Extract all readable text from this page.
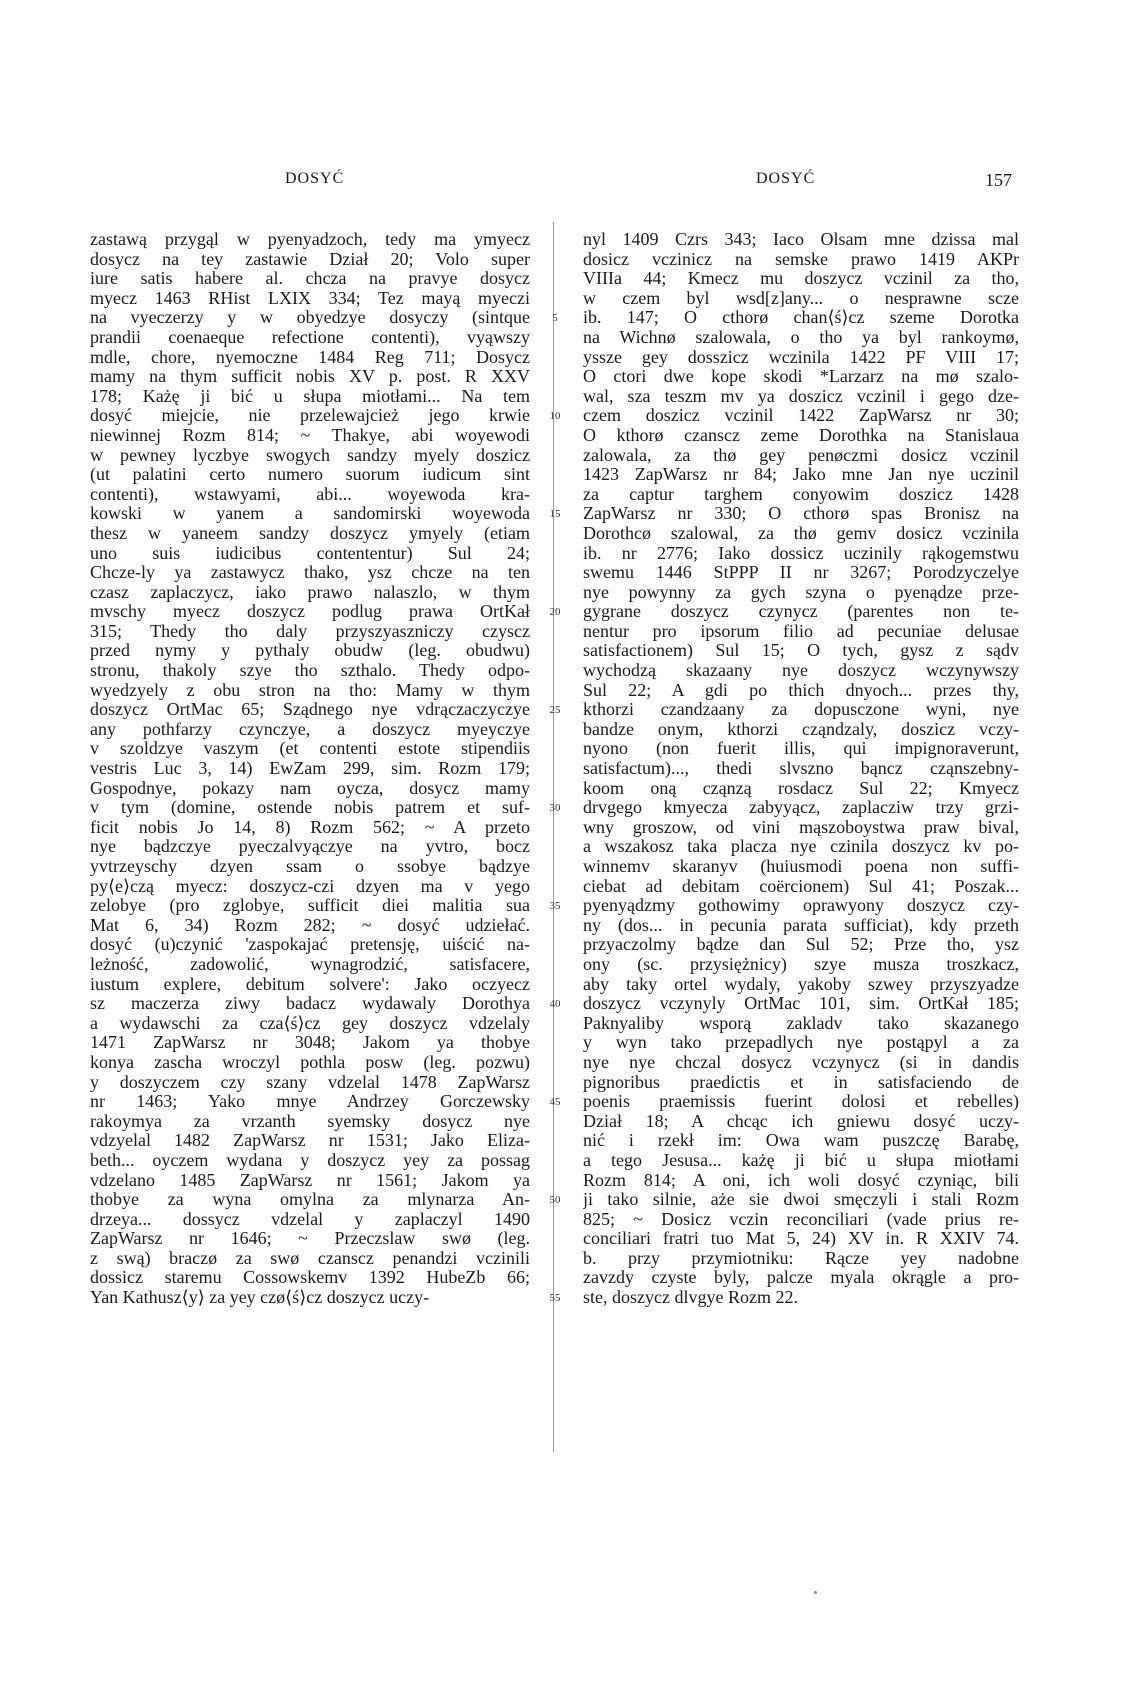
DOSYĆ	DOSYĆ	157
zastawą przygąl w pyenyadzoch, tedy ma ymyecz
dosycz na tey zastawie Dział 20; Volo super
iure satis habere al. chcza na pravye dosycz
myecz 1463 RHist LXIX 334; Tez mayą myeczi
na vyeczerzy y w obyedzye dosyczy (sintque
prandii coenaeque refectione contenti), vyąwszy
mdle, chore, nyemoczne 1484 Reg 711; Dosycz
mamy na thym sufficit nobis XV p. post. R XXV
178; Każę ji bić u słupa miotłami... Na tem
dosyć miejcie, nie przelewajcież jego krwie
niewinnej Rozm 814; ~ Thakye, abi woyewodi
w pewney lyczbye swogych sandzy myely doszicz
(ut palatini certo numero suorum iudicum sint
contenti), wstawyami, abi... woyewoda kra-
kowski w yanem a sandomirski woyewoda
thesz w yaneem sandzy doszycz ymyely (etiam
uno suis iudicibus contententur) Sul 24;
Chcze-ly ya zastawycz thako, ysz chcze na ten
czasz zaplaczycz, iako prawo nalaszlo, w thym
mvschy myecz doszycz podlug prawa OrtKał
315; Thedy tho daly przyszyaszniczy czyscz
przed nymy y pythaly obudw (leg. obudwu)
stronu, thakoly szye tho szthalo. Thedy odpo-
wyedzyely z obu stron na tho: Mamy w thym
doszycz OrtMac 65; Sządnego nye vdrączaczyczye
any pothfarzy czynczye, a doszycz myeyczye
v szoldzye vaszym (et contenti estote stipendiis
vestris Luc 3, 14) EwZam 299, sim. Rozm 179;
Gospodnye, pokazy nam oycza, dosycz mamy
v tym (domine, ostende nobis patrem et suf-
ficit nobis Jo 14, 8) Rozm 562; ~ A przeto
nye bądzczye pyeczalvyączye na yvtro, bocz
yvtrzeyschy dzyen ssam o ssobye bądzye
py⟨e⟩czą myecz: doszycz-czi dzyen ma v yego
zelobye (pro zglobye, sufficit diei malitia sua
Mat 6, 34) Rozm 282; ~ dosyć udziełać.
dosyć (u)czynić 'zaspokajać pretensję, uiścić na-
leżność, zadowolić, wynagrodzić, satisfacere,
iustum explere, debitum solvere': Jako oczyecz
sz maczerza ziwy badacz wydawaly Dorothya
a wydawschi za cza⟨ś⟩cz gey doszycz vdzelaly
1471 ZapWarsz nr 3048; Jakom ya thobye
konya zascha wroczyl pothla posw (leg. pozwu)
y doszyczem czy szany vdzelal 1478 ZapWarsz
nr 1463; Yako mnye Andrzey Gorczewsky
rakoymya za vrzanth syemsky dosycz nye
vdzyelal 1482 ZapWarsz nr 1531; Jako Eliza-
beth... oyczem wydana y doszycz yey za possag
vdzelano 1485 ZapWarsz nr 1561; Jakom ya
thobye za wyna omylna za mlynarza An-
drzeya... dossycz vdzelal y zaplaczyl 1490
ZapWarsz nr 1646; ~ Przeczslaw swø (leg.
z swą) braczø za swø czanscz penandzi vczinili
dossicz staremu Cossowskemv 1392 HubeZb 66;
Yan Kathusz⟨y⟩ za yey czø⟨ś⟩cz doszycz uczy-
5
10
15
20
25
30
35
40
45
50
55
nyl 1409 Czrs 343; Iaco Olsam mne dzissa mal
dosicz vczinicz na semske prawo 1419 AKPr
VIIIa 44; Kmecz mu doszycz vczinil za tho,
w czem byl wsd[z]any... o nesprawne scze
ib. 147; O cthorø chan⟨ś⟩cz szeme Dorotka
na Wichnø szalowala, o tho ya byl rankoymø,
yssze gey dosszicz wczinila 1422 PF VIII 17;
O ctori dwe kope skodi *Larzarz na mø szalo-
wal, sza teszm mv ya doszicz vczinil i gego dze-
czem doszicz vczinil 1422 ZapWarsz nr 30;
O kthorø czanscz zeme Dorothka na Stanislaua
zalowala, za thø gey penøczmi dosicz vczinil
1423 ZapWarsz nr 84; Jako mne Jan nye uczinil
za captur targhem conyowim doszicz 1428
ZapWarsz nr 330; O cthorø spas Bronisz na
Dorothcø szalowal, za thø gemv dosicz vczinila
ib. nr 2776; Iako dossicz uczinily rąkogemstwu
swemu 1446 StPPP II nr 3267; Porodzyczelye
nye powynny za gych szyna o pyenądze prze-
gygrane doszycz czynycz (parentes non te-
nentur pro ipsorum filio ad pecuniae delusae
satisfactionem) Sul 15; O tych, gysz z sądv
wychodzą skazaany nye doszycz wczynywszy
Sul 22; A gdi po thich dnyoch... przes thy,
kthorzi czandzaany za dopusczone wyni, nye
bandze onym, kthorzi cząndzaly, doszicz vczy-
nyono (non fuerit illis, qui impignoraverunt,
satisfactum)..., thedi slvszno bąncz cząnszebny-
koom oną cząnzą rosdacz Sul 22; Kmyecz
drvgego kmyecza zabyyącz, zaplacziw trzy grzi-
wny groszow, od vini mąszoboystwa praw bival,
a wszakosz taka placza nye czinila doszycz kv po-
winnemv skaranyv (huiusmodi poena non suffi-
ciebat ad debitam coërcionem) Sul 41; Poszak...
pyenyądzmy gothowimy oprawyony doszycz czy-
ny (dos... in pecunia parata sufficiat), kdy przeth
przyaczolmy bądze dan Sul 52; Prze tho, ysz
ony (sc. przysiężnicy) szye musza troszkacz,
aby taky ortel wydaly, yakoby szwey przyszyadze
doszycz vczynyly OrtMac 101, sim. OrtKał 185;
Paknyaliby wsporą zakladv tako skazanego
y wyn tako przepadlych nye postąpyl a za
nye nye chczal dosycz vczynycz (si in dandis
pignoribus praedictis et in satisfaciendo de
poenis praemissis fuerint dolosi et rebelles)
Dział 18; A chcąc ich gniewu dosyć uczy-
nić i rzekł im: Owa wam puszczę Barabę,
a tego Jesusa... każę ji bić u słupa miotłami
Rozm 814; A oni, ich woli dosyć czyniąc, bili
ji tako silnie, aże sie dwoi smęczyli i stali Rozm
825; ~ Dosicz vczin reconciliari (vade prius re-
conciliari fratri tuo Mat 5, 24) XV in. R XXIV 74.
b. przy przymiotniku: Rącze yey nadobne
zavzdy czyste byly, palcze myala okrągle a pro-
ste, doszycz dlvgye Rozm 22.
